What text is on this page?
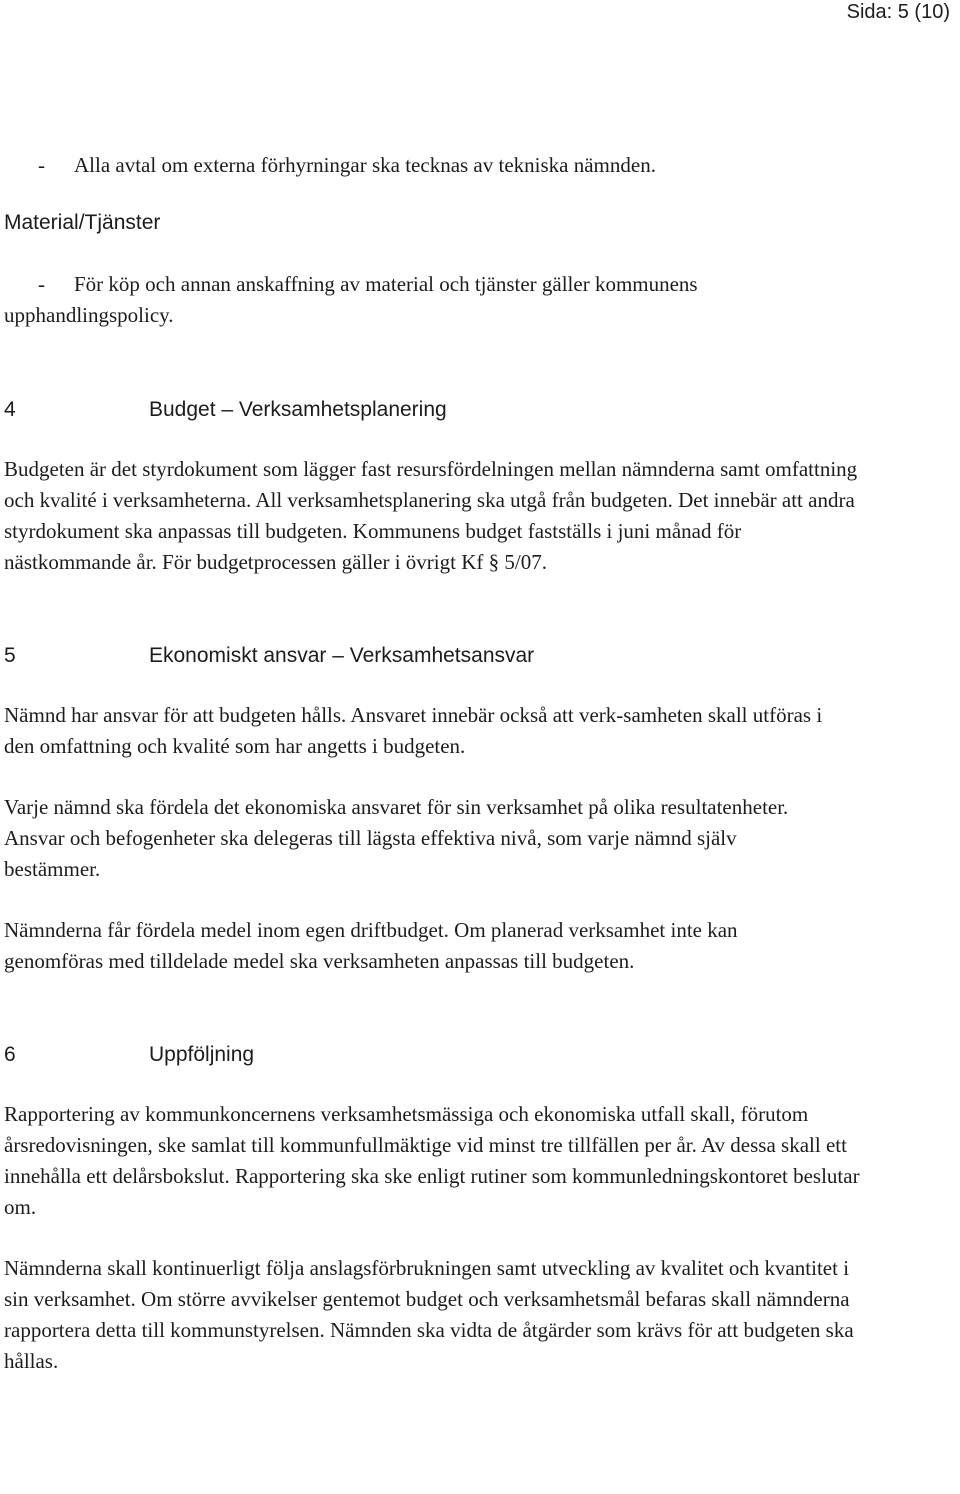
Sida: 5 (10)
-	Alla avtal om externa förhyrningar ska tecknas av tekniska nämnden.
Material/Tjänster
-	För köp och annan anskaffning av material och tjänster gäller kommunens
upphandlingspolicy.
4	Budget – Verksamhetsplanering

Budgeten är det styrdokument som lägger fast resursfördelningen mellan nämnderna samt omfattning och kvalité i verksamheterna. All verksamhetsplanering ska utgå från budgeten. Det innebär att andra styrdokument ska anpassas till budgeten. Kommunens budget fastställs i juni månad för nästkommande år. För budgetprocessen gäller i övrigt Kf § 5/07.

5	Ekonomiskt ansvar – Verksamhetsansvar

Nämnd har ansvar för att budgeten hålls. Ansvaret innebär också att verk-samheten skall utföras i den omfattning och kvalité som har angetts i budgeten.

Varje nämnd ska fördela det ekonomiska ansvaret för sin verksamhet på olika resultatenheter. Ansvar och befogenheter ska delegeras till lägsta effektiva nivå, som varje nämnd själv bestämmer.

Nämnderna får fördela medel inom egen driftbudget. Om planerad verksamhet inte kan genomföras med tilldelade medel ska verksamheten anpassas till budgeten.

6	Uppföljning

Rapportering av kommunkoncernens verksamhetsmässiga och ekonomiska utfall skall, förutom årsredovisningen, ske samlat till kommunfullmäktige vid minst tre tillfällen per år. Av dessa skall ett innehålla ett delårsbokslut. Rapportering ska ske enligt rutiner som kommunledningskontoret beslutar om.

Nämnderna skall kontinuerligt följa anslagsförbrukningen samt utveckling av kvalitet och kvantitet i sin verksamhet. Om större avvikelser gentemot budget och verksamhetsmål befaras skall nämnderna rapportera detta till kommunstyrelsen. Nämnden ska vidta de åtgärder som krävs för att budgeten ska hållas.
